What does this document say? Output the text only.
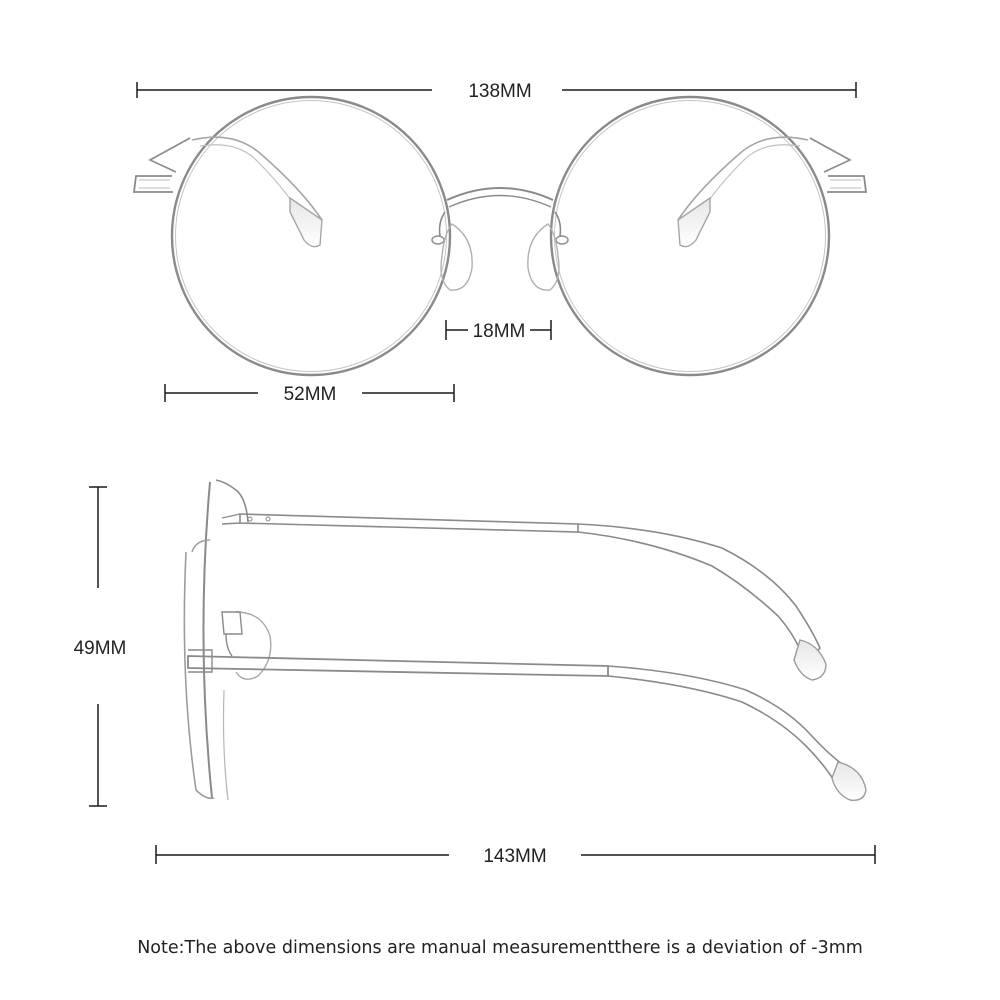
138MM
18MM
52MM
49MM
143MM
Note:The above dimensions are manual measurementthere is a deviation of -3mm
